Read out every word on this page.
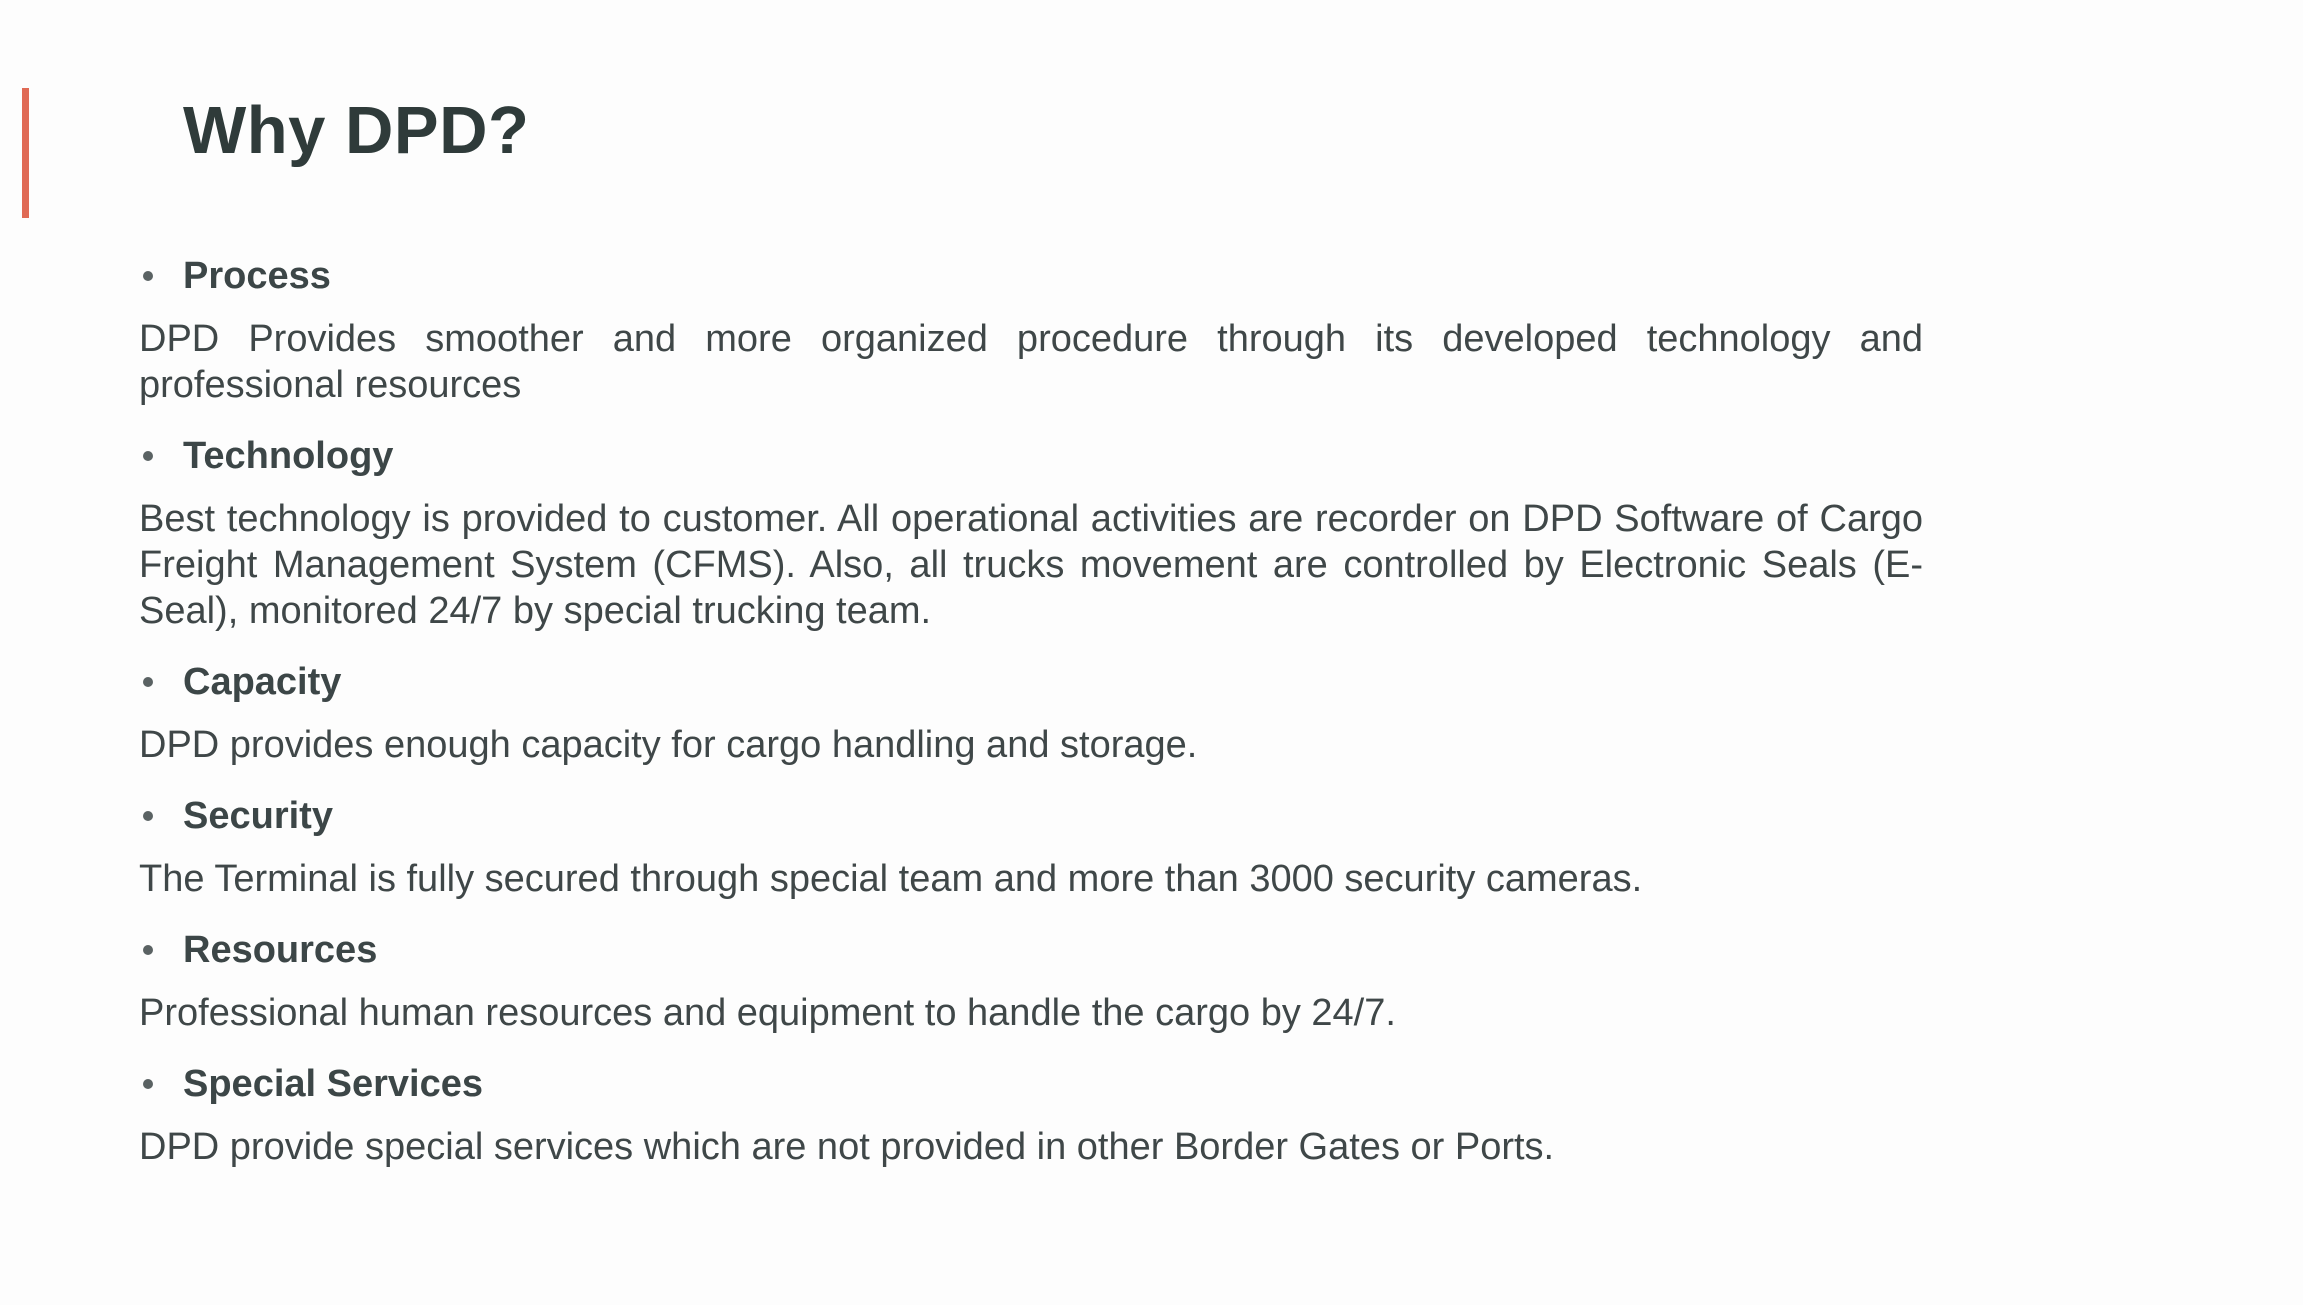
Why DPD?
Process

DPD Provides smoother and more organized procedure through its developed technology and professional resources

Technology

Best technology is provided to customer. All operational activities are recorder on DPD Software of Cargo Freight Management System (CFMS). Also, all trucks movement are controlled by Electronic Seals (E-Seal), monitored 24/7 by special trucking team.

Capacity

DPD provides enough capacity for cargo handling and storage.

Security

The Terminal is fully secured through special team and more than 3000 security cameras.

Resources

Professional human resources and equipment to handle the cargo by 24/7.

Special Services

DPD provide special services which are not provided in other Border Gates or Ports.
